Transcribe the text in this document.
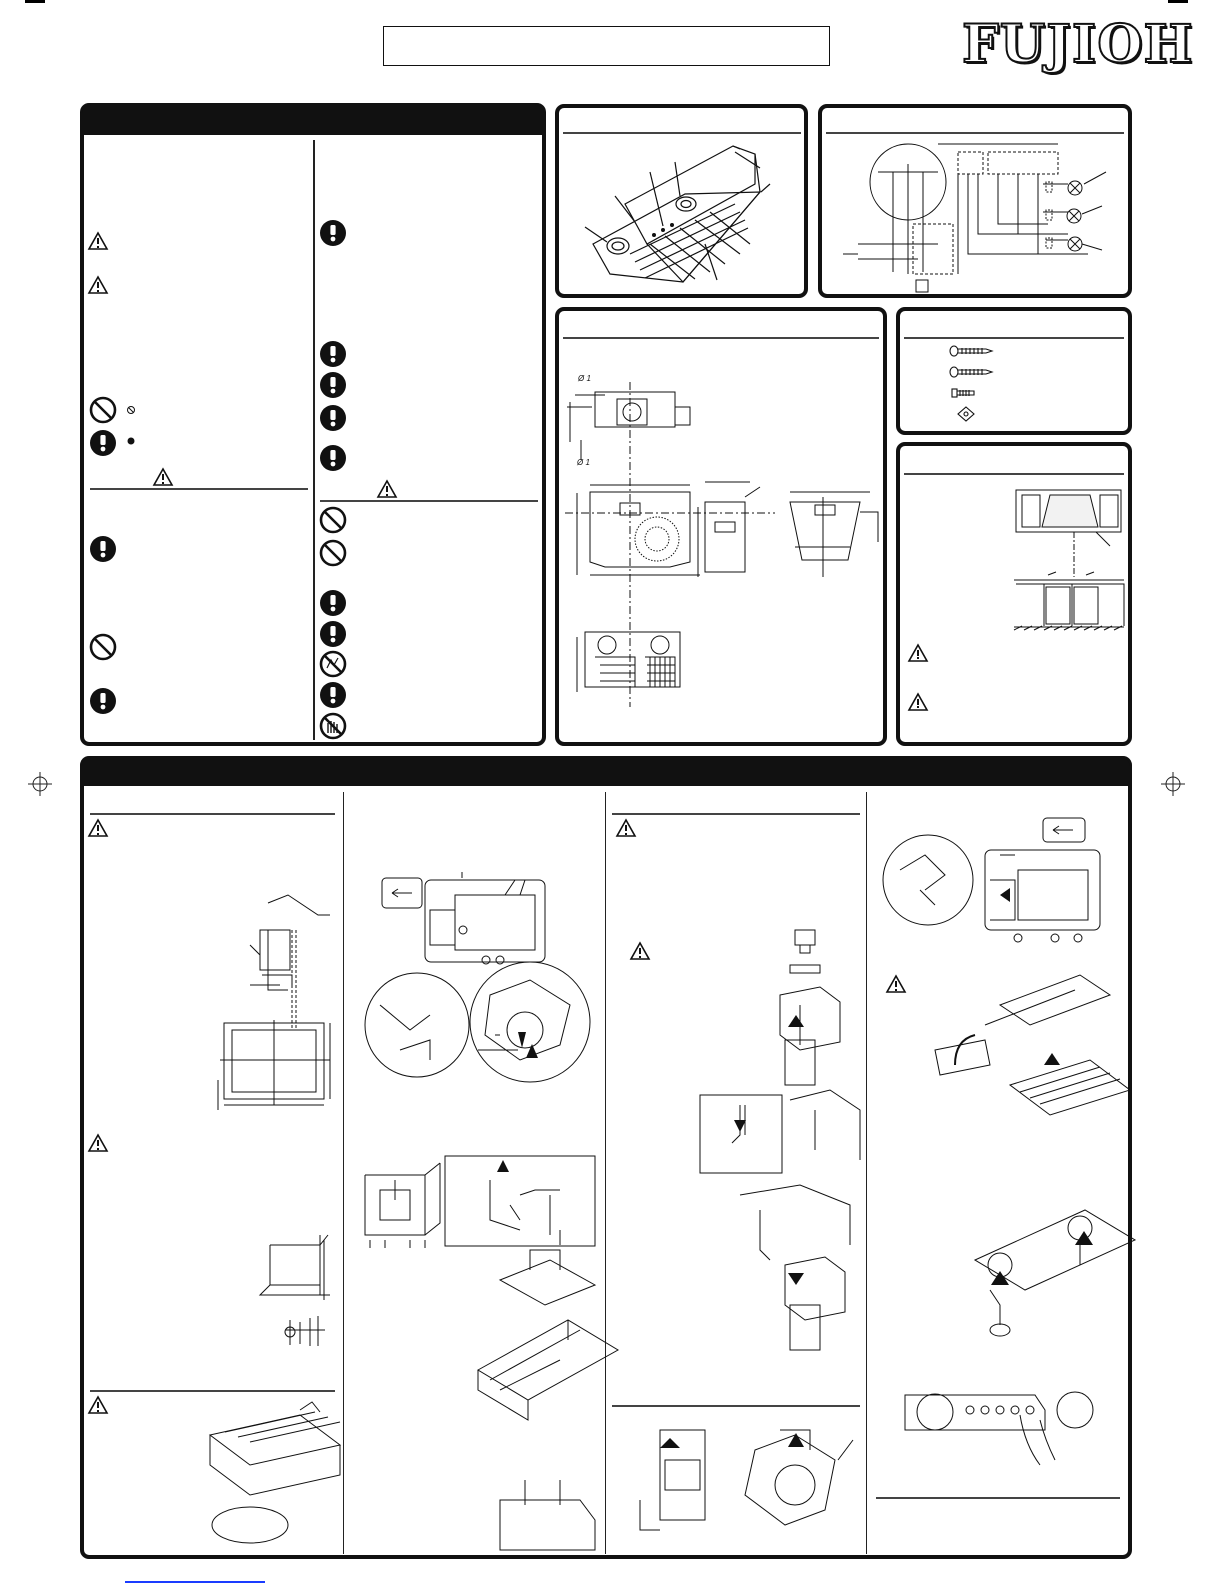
FUJIOH
Ø 1
Ø 1
